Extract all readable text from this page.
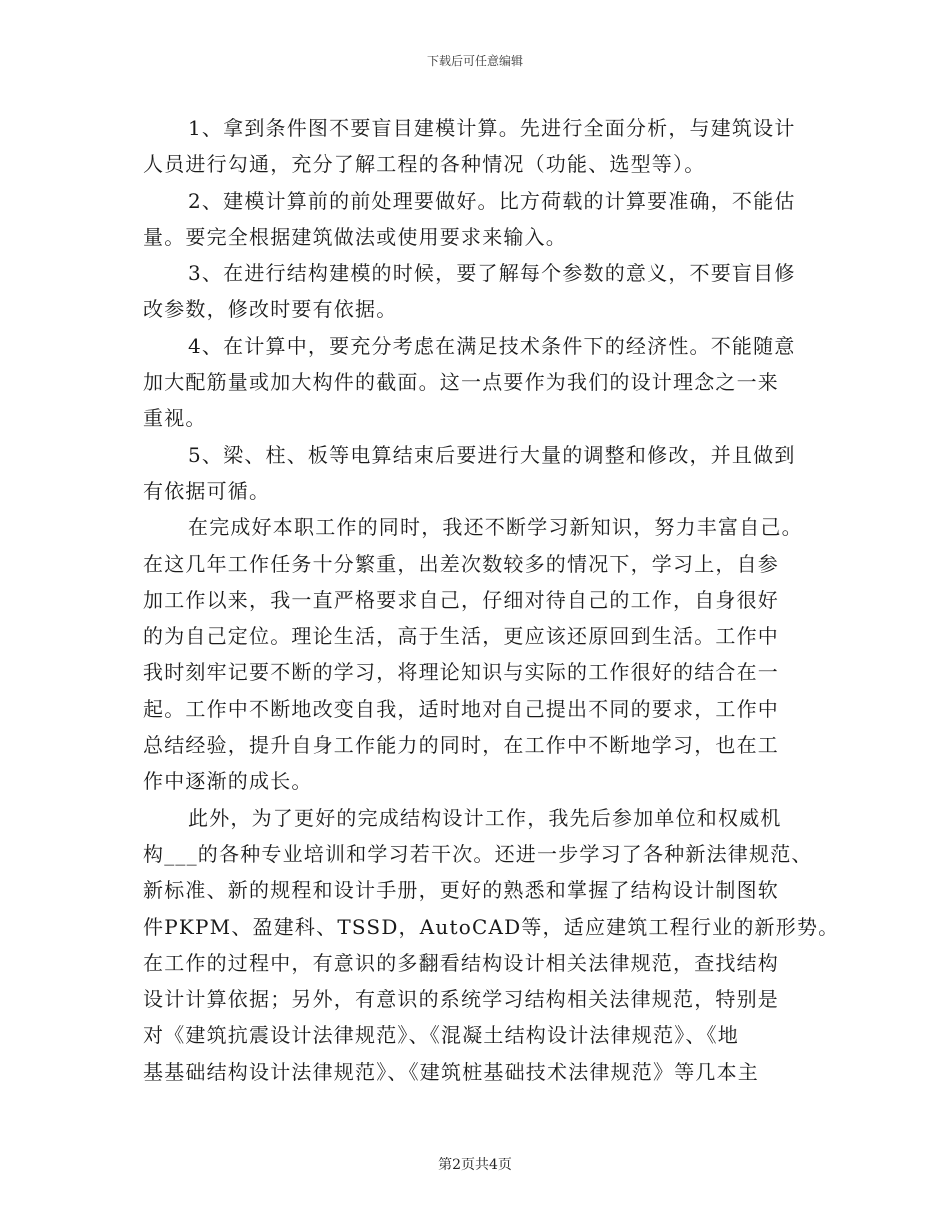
下载后可任意编辑
1、拿到条件图不要盲目建模计算。先进行全面分析，与建筑设计
人员进行勾通，充分了解工程的各种情况（功能、选型等）。
2、建模计算前的前处理要做好。比方荷载的计算要准确，不能估
量。要完全根据建筑做法或使用要求来输入。
3、在进行结构建模的时候，要了解每个参数的意义，不要盲目修
改参数，修改时要有依据。
4、在计算中，要充分考虑在满足技术条件下的经济性。不能随意
加大配筋量或加大构件的截面。这一点要作为我们的设计理念之一来
重视。
5、梁、柱、板等电算结束后要进行大量的调整和修改，并且做到
有依据可循。
在完成好本职工作的同时，我还不断学习新知识，努力丰富自己。
在这几年工作任务十分繁重，出差次数较多的情况下，学习上，自参
加工作以来，我一直严格要求自己，仔细对待自己的工作，自身很好
的为自己定位。理论生活，高于生活，更应该还原回到生活。工作中
我时刻牢记要不断的学习，将理论知识与实际的工作很好的结合在一
起。工作中不断地改变自我，适时地对自己提出不同的要求，工作中
总结经验，提升自身工作能力的同时，在工作中不断地学习，也在工
作中逐渐的成长。
此外，为了更好的完成结构设计工作，我先后参加单位和权威机
构___的各种专业培训和学习若干次。还进一步学习了各种新法律规范、
新标准、新的规程和设计手册，更好的熟悉和掌握了结构设计制图软
件PKPM、盈建科、TSSD，AutoCAD等，适应建筑工程行业的新形势。
在工作的过程中，有意识的多翻看结构设计相关法律规范，查找结构
设计计算依据；另外，有意识的系统学习结构相关法律规范，特别是
对《建筑抗震设计法律规范》、《混凝土结构设计法律规范》、《地
基基础结构设计法律规范》、《建筑桩基础技术法律规范》等几本主
第2页共4页
